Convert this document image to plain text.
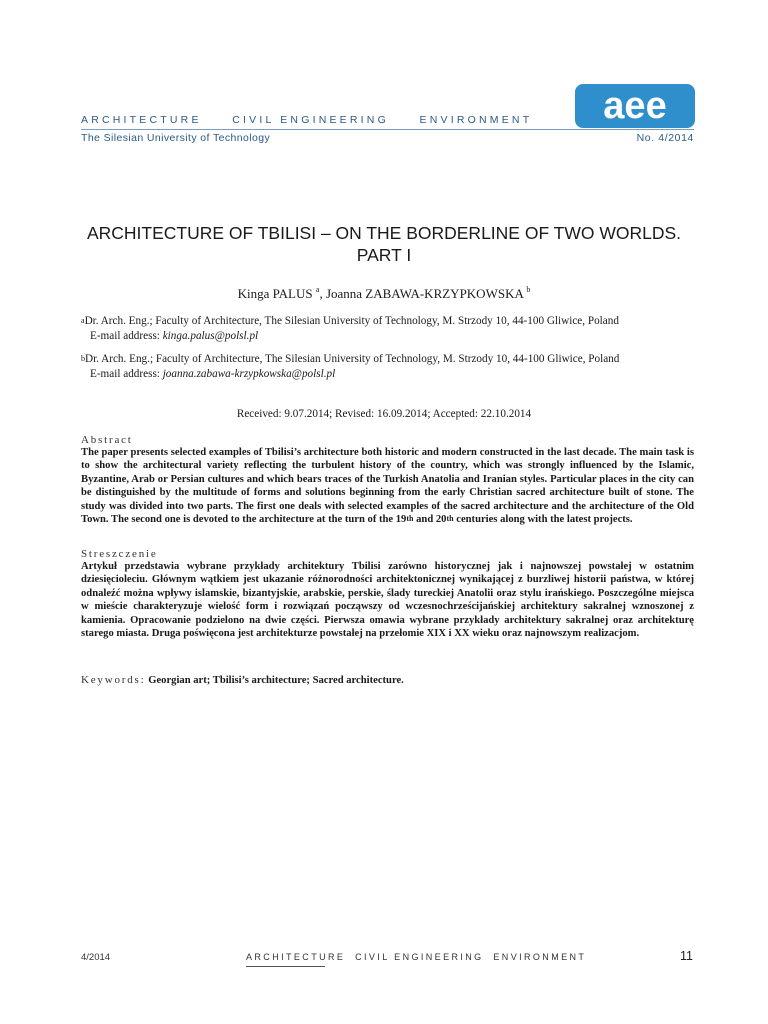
ARCHITECTURE     CIVIL ENGINEERING     ENVIRONMENT aee
The Silesian University of Technology	No. 4/2014
ARCHITECTURE OF TBILISI – ON THE BORDERLINE OF TWO WORLDS.
PART I
Kinga PALUS $^a$, Joanna ZABAWA-KRZYPKOWSKA $^b$
$^a$Dr. Arch. Eng.; Faculty of Architecture, The Silesian University of Technology, M. Strzody 10, 44-100 Gliwice, Poland
E-mail address: kinga.palus@polsl.pl
$^b$Dr. Arch. Eng.; Faculty of Architecture, The Silesian University of Technology, M. Strzody 10, 44-100 Gliwice, Poland
E-mail address: joanna.zabawa-krzypkowska@polsl.pl
Received: 9.07.2014; Revised: 16.09.2014; Accepted: 22.10.2014
Abstract
The paper presents selected examples of Tbilisi’s architecture both historic and modern constructed in the last decade. The main task is to show the architectural variety reflecting the turbulent history of the country, which was strongly influenced by the Islamic, Byzantine, Arab or Persian cultures and which bears traces of the Turkish Anatolia and Iranian styles. Particular places in the city can be distinguished by the multitude of forms and solutions beginning from the early Christian sacred architecture built of stone. The study was divided into two parts. The first one deals with selected examples of the sacred architecture and the architecture of the Old Town. The second one is devoted to the architecture at the turn of the 19th and 20th centuries along with the latest projects.
Streszczenie
Artykuł przedstawia wybrane przykłady architektury Tbilisi zarówno historycznej jak i najnowszej powstałej w ostatnim dziesięcioleciu. Głównym wątkiem jest ukazanie różnorodności architektonicznej wynikającej z burzliwej historii państwa, w której odnaleźć można wpływy islamskie, bizantyjskie, arabskie, perskie, ślady tureckiej Anatolii oraz stylu irańskiego. Poszczególne miejsca w mieście charakteryzuje wielość form i rozwiązań począwszy od wczesnochrześcijańskiej architektury sakralnej wznoszonej z kamienia. Opracowanie podzielono na dwie części. Pierwsza omawia wybrane przykłady architektury sakralnej oraz architekturę starego miasta. Druga poświęcona jest architekturze powstałej na przełomie XIX i XX wieku oraz najnowszym realizacjom.
Keywords: Georgian art; Tbilisi’s architecture; Sacred architecture.
4/2014	ARCHITECTURE  CIVIL ENGINEERING  ENVIRONMENT	11
